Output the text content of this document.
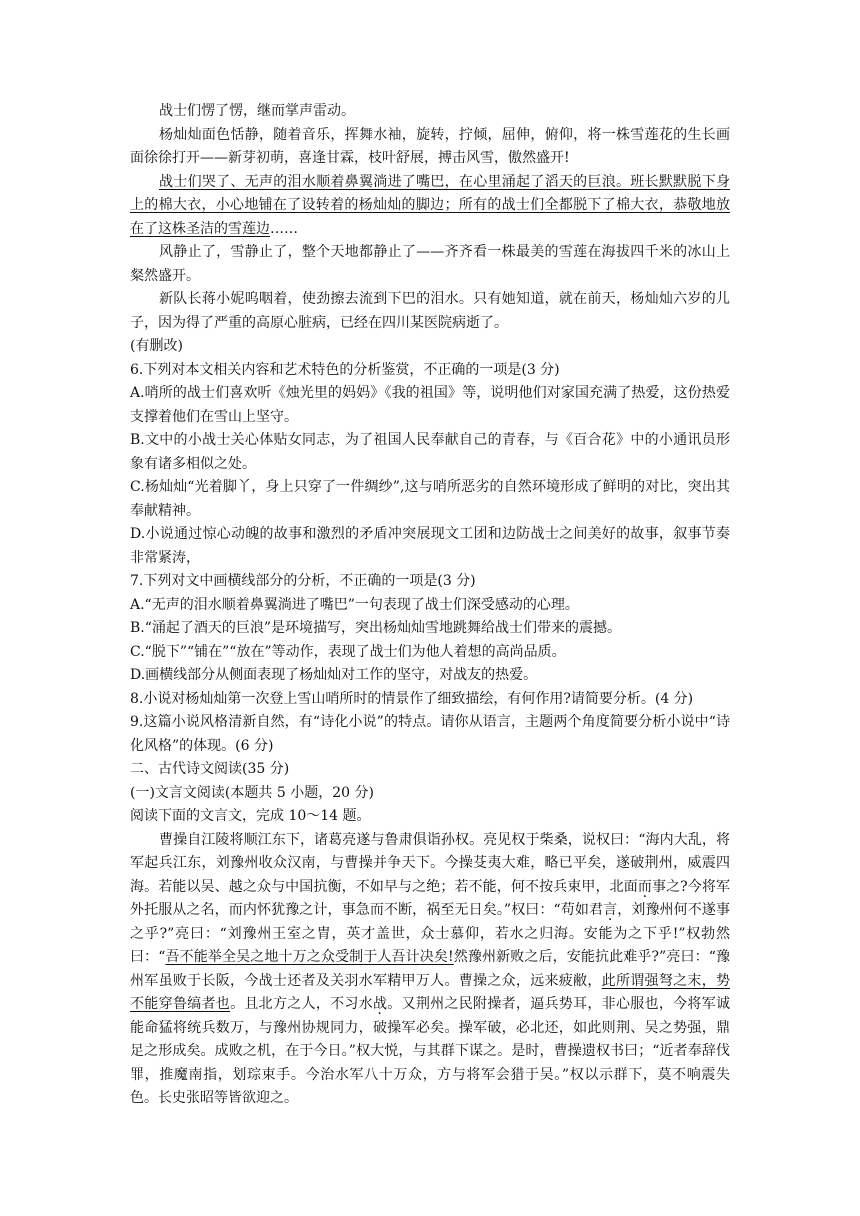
战士们愣了愣，继而掌声雷动。

杨灿灿面色恬静，随着音乐，挥舞水袖，旋转，拧倾，屈伸，俯仰，将一株雪莲花的生长画面徐徐打开——新芽初萌，喜逢甘霖，枝叶舒展，搏击风雪，傲然盛开!

战士们哭了、无声的泪水顺着鼻翼淌进了嘴巴，在心里涌起了滔天的巨浪。班长默默脱下身上的棉大衣，小心地铺在了设转着的杨灿灿的脚边；所有的战士们全都脱下了棉大衣，恭敬地放在了这株圣洁的雪莲边……

风静止了，雪静止了，整个天地都静止了——齐齐看一株最美的雪莲在海拔四千米的冰山上粲然盛开。

新队长蒋小妮呜咽着，使劲擦去流到下巴的泪水。只有她知道，就在前天，杨灿灿六岁的儿子，因为得了严重的高原心脏病，已经在四川某医院病逝了。

(有删改)

6.下列对本文相关内容和艺术特色的分析鉴赏，不正确的一项是(3 分)

A.哨所的战士们喜欢听《烛光里的妈妈》《我的祖国》等，说明他们对家国充满了热爱，这份热爱支撑着他们在雪山上坚守。

B.文中的小战士关心体贴女同志，为了祖国人民奉献自己的青春，与《百合花》中的小通讯员形象有诸多相似之处。

C.杨灿灿“光着脚丫，身上只穿了一件绸纱”,这与哨所恶劣的自然环境形成了鲜明的对比，突出其奉献精神。

D.小说通过惊心动魄的故事和激烈的矛盾冲突展现文工团和边防战士之间美好的故事，叙事节奏非常紧涛，

7.下列对文中画横线部分的分析，不正确的一项是(3 分)

A.“无声的泪水顺着鼻翼淌进了嘴巴”一句表现了战士们深受感动的心理。

B.“涌起了酒天的巨浪”是环境描写，突出杨灿灿雪地跳舞给战士们带来的震撼。

C.“脱下”“铺在”“放在”等动作，表现了战士们为他人着想的高尚品质。

D.画横线部分从侧面表现了杨灿灿对工作的坚守，对战友的热爱。

8.小说对杨灿灿第一次登上雪山哨所时的情景作了细致描绘，有何作用?请简要分析。(4 分)

9.这篇小说风格清新自然，有“诗化小说”的特点。请你从语言，主题两个角度简要分析小说中“诗化风格”的体现。(6 分)

二、古代诗文阅读(35 分)

(一)文言文阅读(本题共 5 小题，20 分)

阅读下面的文言文，完成 10～14 题。

曹操自江陵将顺江东下，诸葛亮遂与鲁肃俱诣孙权。亮见权于柴桑，说权曰：“海内大乱，将军起兵江东，刘豫州收众汉南，与曹操并争天下。今操芟夷大难，略已平矣，遂破荆州，威震四海。若能以吴、越之众与中国抗衡，不如早与之绝；若不能，何不按兵束甲，北 ·面而事之?今将军外托服从之名，而内怀犹豫之计，事急而不断，祸至无日矣。”权曰：“苟如 ·君言，刘豫州何不遂事之乎?”亮曰：“刘豫州王室之胄，英才盖世，众士慕仰，若水之归海。安能为之下乎!”权勃然曰：“吾不能举全吴之地十万之众受制于人吾计决矣!然豫州新败之后，安能抗此难乎?”亮曰：“豫州军虽败于长阪，今战士还者及关羽水军精甲万人。曹操之众，远来疲敝，此所谓强弩之末，势不能穿鲁缟者也。且北方之人，不习 ·水战。又荆州之民附操者，逼兵势耳，非心服也，今将军诚能命猛将统兵数万，与豫州协规同力，破操军必矣。操军破，必北还，如此则荆、吴之势强，鼎足之形成矣。成败之机，在于今日。”权大悦，与其群下谋之。是时，曹操遗权书曰；“近者奉辞伐罪，推魔南指，划琮束手。今治水军八十万众，方与将军会猎于吴。”权以示群下，莫不响震失色。长史张昭等皆欲迎之。
